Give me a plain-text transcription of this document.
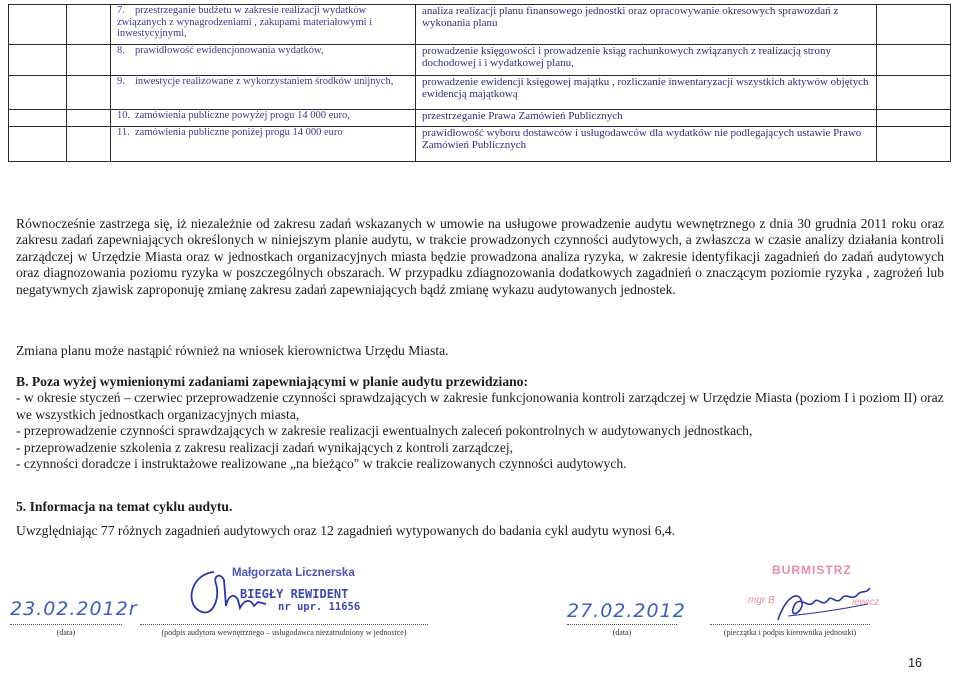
		7. przestrzeganie budżetu w zakresie realizacji wydatków związanych z wynagrodzeniami , zakupami materiałowymi i inwestycyjnymi,	analiza realizacji planu finansowego jednostki oraz opracowywanie okresowych sprawozdań z wykonania planu	
		8. prawidłowość ewidencjonowania wydatków,	prowadzenie księgowości i prowadzenie ksiąg rachunkowych związanych z realizacją strony dochodowej i i wydatkowej planu,	
		9. inwestycje realizowane z wykorzystaniem środków unijnych,	prowadzenie ewidencji księgowej majątku , rozliczanie inwentaryzacji wszystkich aktywów objętych ewidencją majątkową	
		10. zamówienia publiczne powyżej progu 14 000 euro,	przestrzeganie Prawa Zamówień Publicznych	
		11. zamówienia publiczne poniżej progu 14 000 euro	prawidłowość wyboru dostawców i usługodawców dla wydatków nie podlegających ustawie Prawo Zamówień Publicznych	

Równocześnie zastrzega się, iż niezależnie od zakresu zadań wskazanych w umowie na usługowe prowadzenie audytu wewnętrznego z dnia 30 grudnia 2011 roku oraz zakresu zadań zapewniających określonych w niniejszym planie audytu, w trakcie prowadzonych czynności audytowych, a zwłaszcza w czasie analizy działania kontroli zarządczej w Urzędzie Miasta oraz w jednostkach organizacyjnych miasta będzie prowadzona analiza ryzyka, w zakresie identyfikacji zagadnień do zadań audytowych oraz diagnozowania poziomu ryzyka w poszczególnych obszarach. W przypadku zdiagnozowania dodatkowych zagadnień o znaczącym poziomie ryzyka , zagrożeń lub negatywnych zjawisk zaproponuję zmianę zakresu zadań zapewniających bądź zmianę wykazu audytowanych jednostek.

Zmiana planu może nastąpić również na wniosek kierownictwa Urzędu Miasta.
B. Poza wyżej wymienionymi zadaniami zapewniającymi w planie audytu przewidziano:
- w okresie styczeń – czerwiec przeprowadzenie czynności sprawdzających w zakresie funkcjonowania kontroli zarządczej w Urzędzie Miasta (poziom I i poziom II) oraz we wszystkich jednostkach organizacyjnych miasta,
- przeprowadzenie czynności sprawdzających w zakresie realizacji ewentualnych zaleceń pokontrolnych w audytowanych jednostkach,
- przeprowadzenie szkolenia z zakresu realizacji zadań wynikających z kontroli zarządczej,
- czynności doradcze i instruktażowe realizowane „na bieżąco" w trakcie realizowanych czynności audytowych.
5. Informacja na temat cyklu audytu.
Uwzględniając 77 różnych zagadnień audytowych oraz 12 zagadnień wytypowanych do badania cykl audytu wynosi 6,4.
23.02.2012r
(data)
Małgorzata Licznerska
BIEGŁY REWIDENT
nr upr. 11656
(podpis audytora wewnętrznego – usługodawca niezatrudniony w jednostce)
27.02.2012
(data)
BURMISTRZ
mgr B	iewicz
(pieczątka i podpis kierownika jednostki)
16
